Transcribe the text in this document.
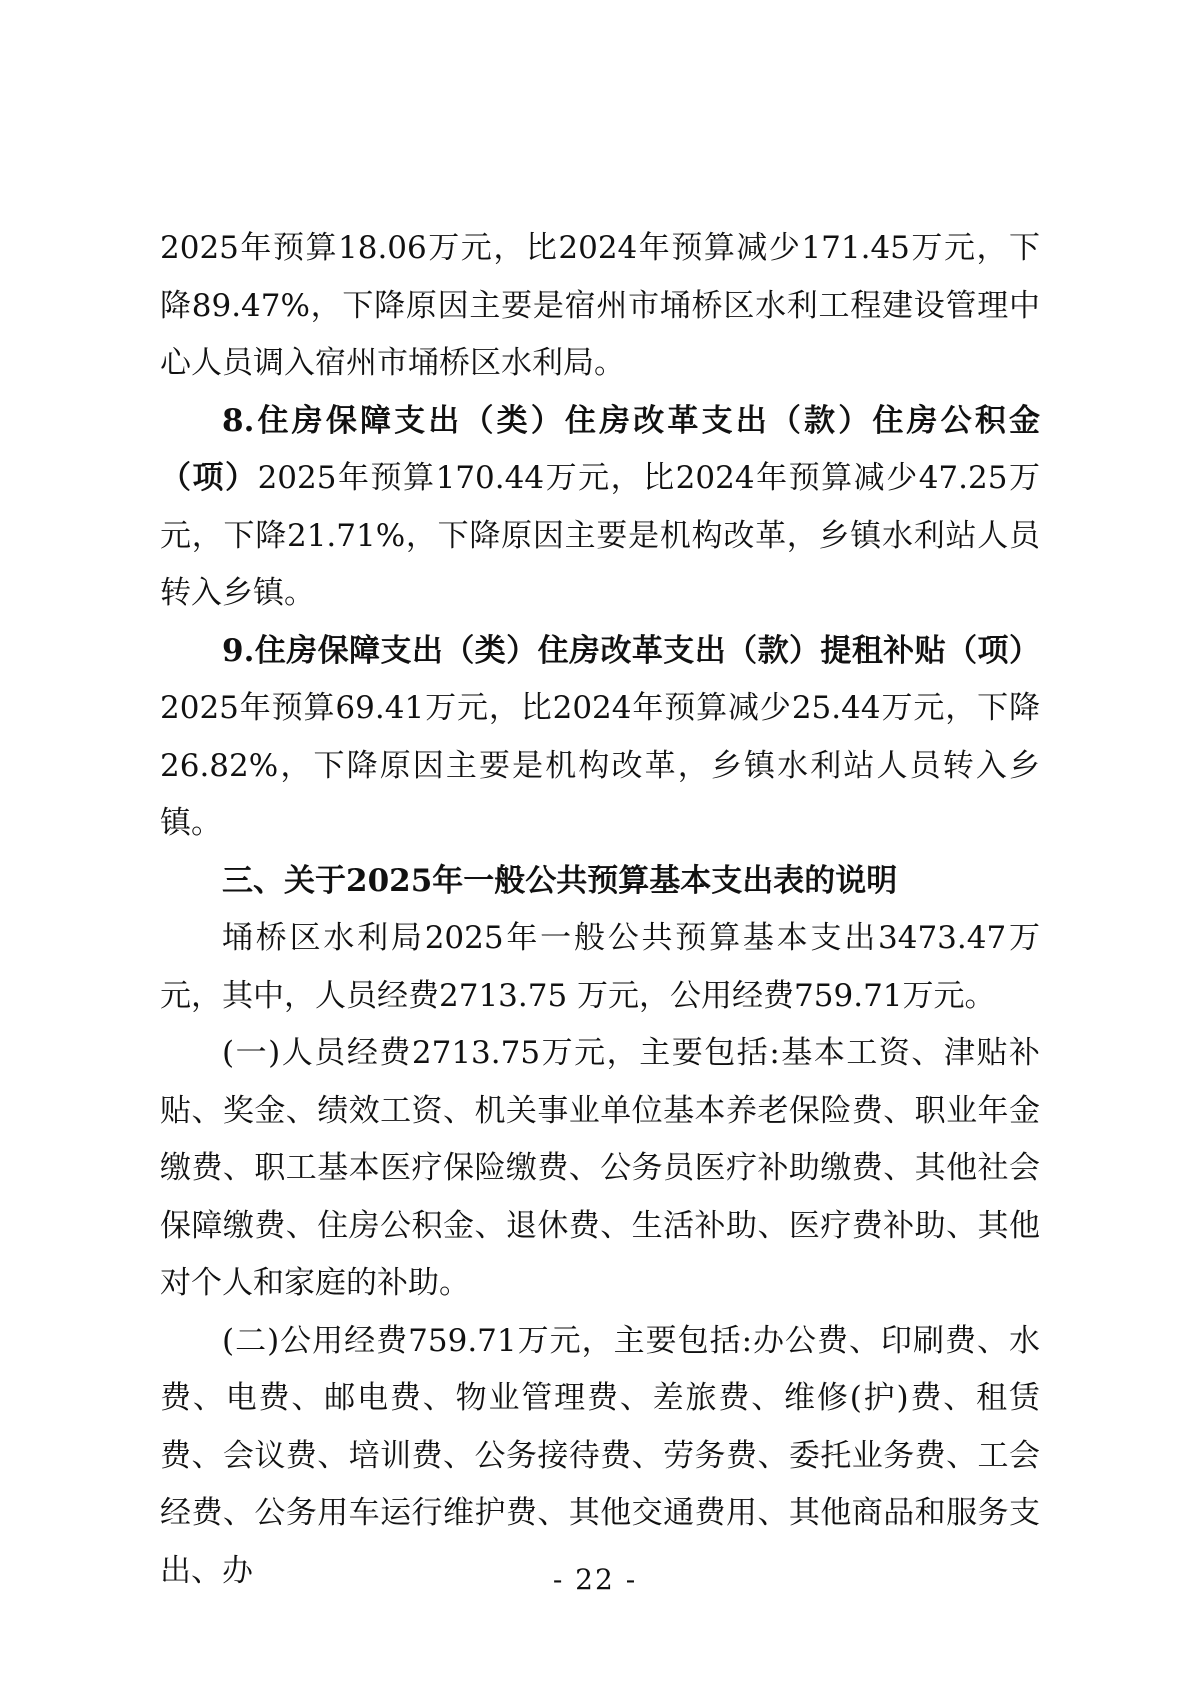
2025年预算18.06万元，比2024年预算减少171.45万元，下降89.47%，下降原因主要是宿州市埇桥区水利工程建设管理中心人员调入宿州市埇桥区水利局。

8.住房保障支出（类）住房改革支出（款）住房公积金（项）2025年预算170.44万元，比2024年预算减少47.25万元，下降21.71%，下降原因主要是机构改革，乡镇水利站人员转入乡镇。

9.住房保障支出（类）住房改革支出（款）提租补贴（项）2025年预算69.41万元，比2024年预算减少25.44万元，下降26.82%，下降原因主要是机构改革，乡镇水利站人员转入乡镇。

三、关于2025年一般公共预算基本支出表的说明

埇桥区水利局2025年一般公共预算基本支出3473.47万元，其中，人员经费2713.75 万元，公用经费759.71万元。

(一)人员经费2713.75万元，主要包括:基本工资、津贴补贴、奖金、绩效工资、机关事业单位基本养老保险费、职业年金缴费、职工基本医疗保险缴费、公务员医疗补助缴费、其他社会保障缴费、住房公积金、退休费、生活补助、医疗费补助、其他对个人和家庭的补助。

(二)公用经费759.71万元，主要包括:办公费、印刷费、水费、电费、邮电费、物业管理费、差旅费、维修(护)费、租赁费、会议费、培训费、公务接待费、劳务费、委托业务费、工会经费、公务用车运行维护费、其他交通费用、其他商品和服务支出、办	- 22 -
